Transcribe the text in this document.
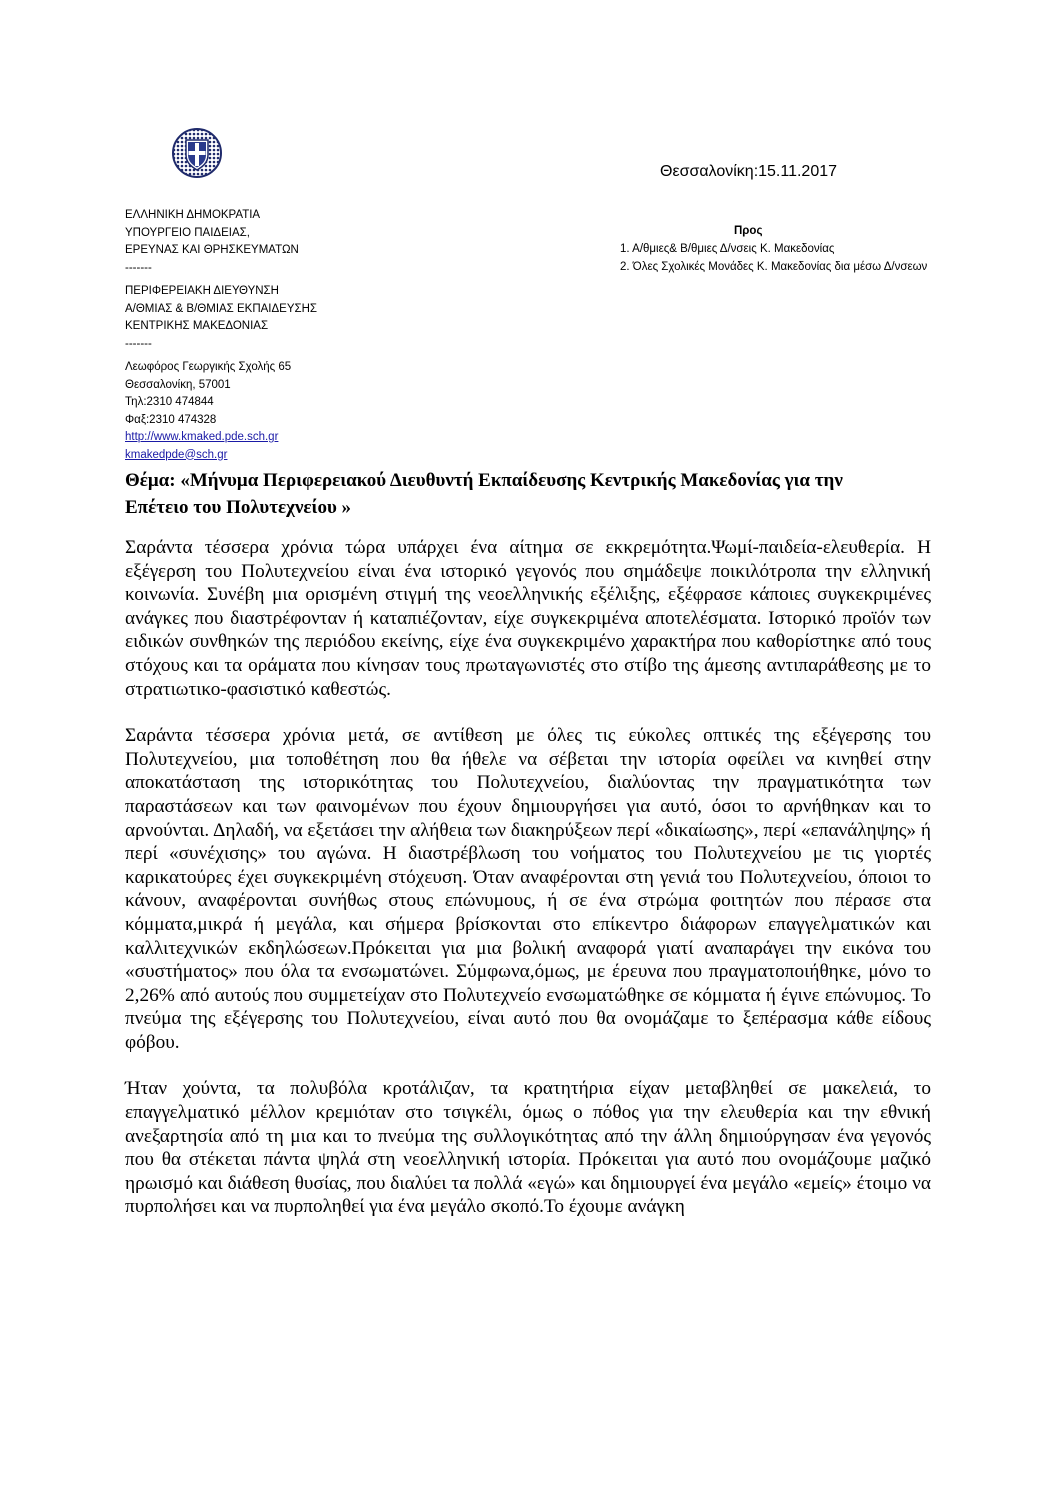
Θεσσαλονίκη:15.11.2017
ΕΛΛΗΝΙΚΗ ΔΗΜΟΚΡΑΤΙΑ
ΥΠΟΥΡΓΕΙΟ ΠΑΙΔΕΙΑΣ,
ΕΡΕΥΝΑΣ ΚΑΙ ΘΡΗΣΚΕΥΜΑΤΩΝ
-------
ΠΕΡΙΦΕΡΕΙΑΚΗ ΔΙΕΥΘΥΝΣΗ
Α/ΘΜΙΑΣ & Β/ΘΜΙΑΣ ΕΚΠΑΙΔΕΥΣΗΣ
ΚΕΝΤΡΙΚΗΣ ΜΑΚΕΔΟΝΙΑΣ
-------
Λεωφόρος Γεωργικής Σχολής 65
Θεσσαλονίκη, 57001
Τηλ:2310 474844
Φαξ:2310 474328
http://www.kmaked.pde.sch.gr
kmakedpde@sch.gr
Προς
1. Α/θμιες& Β/θμιες Δ/νσεις Κ. Μακεδονίας
2. Όλες Σχολικές Μονάδες Κ. Μακεδονίας δια μέσω Δ/νσεων
Θέμα: «Μήνυμα Περιφερειακού Διευθυντή Εκπαίδευσης Κεντρικής Μακεδονίας για την
Επέτειο του Πολυτεχνείου »

Σαράντα τέσσερα χρόνια τώρα υπάρχει ένα αίτημα σε εκκρεμότητα.Ψωμί-παιδεία-ελευθερία. Η εξέγερση του Πολυτεχνείου είναι ένα ιστορικό γεγονός που σημάδεψε ποικιλότροπα την ελληνική κοινωνία. Συνέβη μια ορισμένη στιγμή της νεοελληνικής εξέλιξης, εξέφρασε κάποιες συγκεκριμένες ανάγκες που διαστρέφονταν ή καταπιέζονταν, είχε συγκεκριμένα αποτελέσματα. Ιστορικό προϊόν των ειδικών συνθηκών της περιόδου εκείνης, είχε ένα συγκεκριμένο χαρακτήρα που καθορίστηκε από τους στόχους και τα οράματα που κίνησαν τους πρωταγωνιστές στο στίβο της άμεσης αντιπαράθεσης με το στρατιωτικο-φασιστικό καθεστώς.

Σαράντα τέσσερα χρόνια μετά, σε αντίθεση με όλες τις εύκολες οπτικές της εξέγερσης του Πολυτεχνείου, μια τοποθέτηση που θα ήθελε να σέβεται την ιστορία οφείλει να κινηθεί στην αποκατάσταση της ιστορικότητας του Πολυτεχνείου, διαλύοντας την πραγματικότητα των παραστάσεων και των φαινομένων που έχουν δημιουργήσει για αυτό, όσοι το αρνήθηκαν και το αρνούνται. Δηλαδή, να εξετάσει την αλήθεια των διακηρύξεων περί «δικαίωσης», περί «επανάληψης» ή περί «συνέχισης» του αγώνα. Η διαστρέβλωση του νοήματος του Πολυτεχνείου με τις γιορτές καρικατούρες έχει συγκεκριμένη στόχευση. Όταν αναφέρονται στη γενιά του Πολυτεχνείου, όποιοι το κάνουν, αναφέρονται συνήθως στους επώνυμους, ή σε ένα στρώμα φοιτητών που πέρασε στα κόμματα,μικρά ή μεγάλα, και σήμερα βρίσκονται στο επίκεντρο διάφορων επαγγελματικών και καλλιτεχνικών εκδηλώσεων.Πρόκειται για μια βολική αναφορά γιατί αναπαράγει την εικόνα του «συστήματος» που όλα τα ενσωματώνει. Σύμφωνα,όμως, με έρευνα που πραγματοποιήθηκε, μόνο το 2,26% από αυτούς που συμμετείχαν στο Πολυτεχνείο ενσωματώθηκε σε κόμματα ή έγινε επώνυμος. Το πνεύμα της εξέγερσης του Πολυτεχνείου, είναι αυτό που θα ονομάζαμε το ξεπέρασμα κάθε είδους φόβου.

Ήταν χούντα, τα πολυβόλα κροτάλιζαν, τα κρατητήρια είχαν μεταβληθεί σε μακελειά, το επαγγελματικό μέλλον κρεμιόταν στο τσιγκέλι, όμως ο πόθος για την ελευθερία και την εθνική ανεξαρτησία από τη μια και το πνεύμα της συλλογικότητας από την άλλη δημιούργησαν ένα γεγονός που θα στέκεται πάντα ψηλά στη νεοελληνική ιστορία. Πρόκειται για αυτό που ονομάζουμε μαζικό ηρωισμό και διάθεση θυσίας, που διαλύει τα πολλά «εγώ» και δημιουργεί ένα μεγάλο «εμείς» έτοιμο να πυρπολήσει και να πυρποληθεί για ένα μεγάλο σκοπό.Το έχουμε ανάγκη
